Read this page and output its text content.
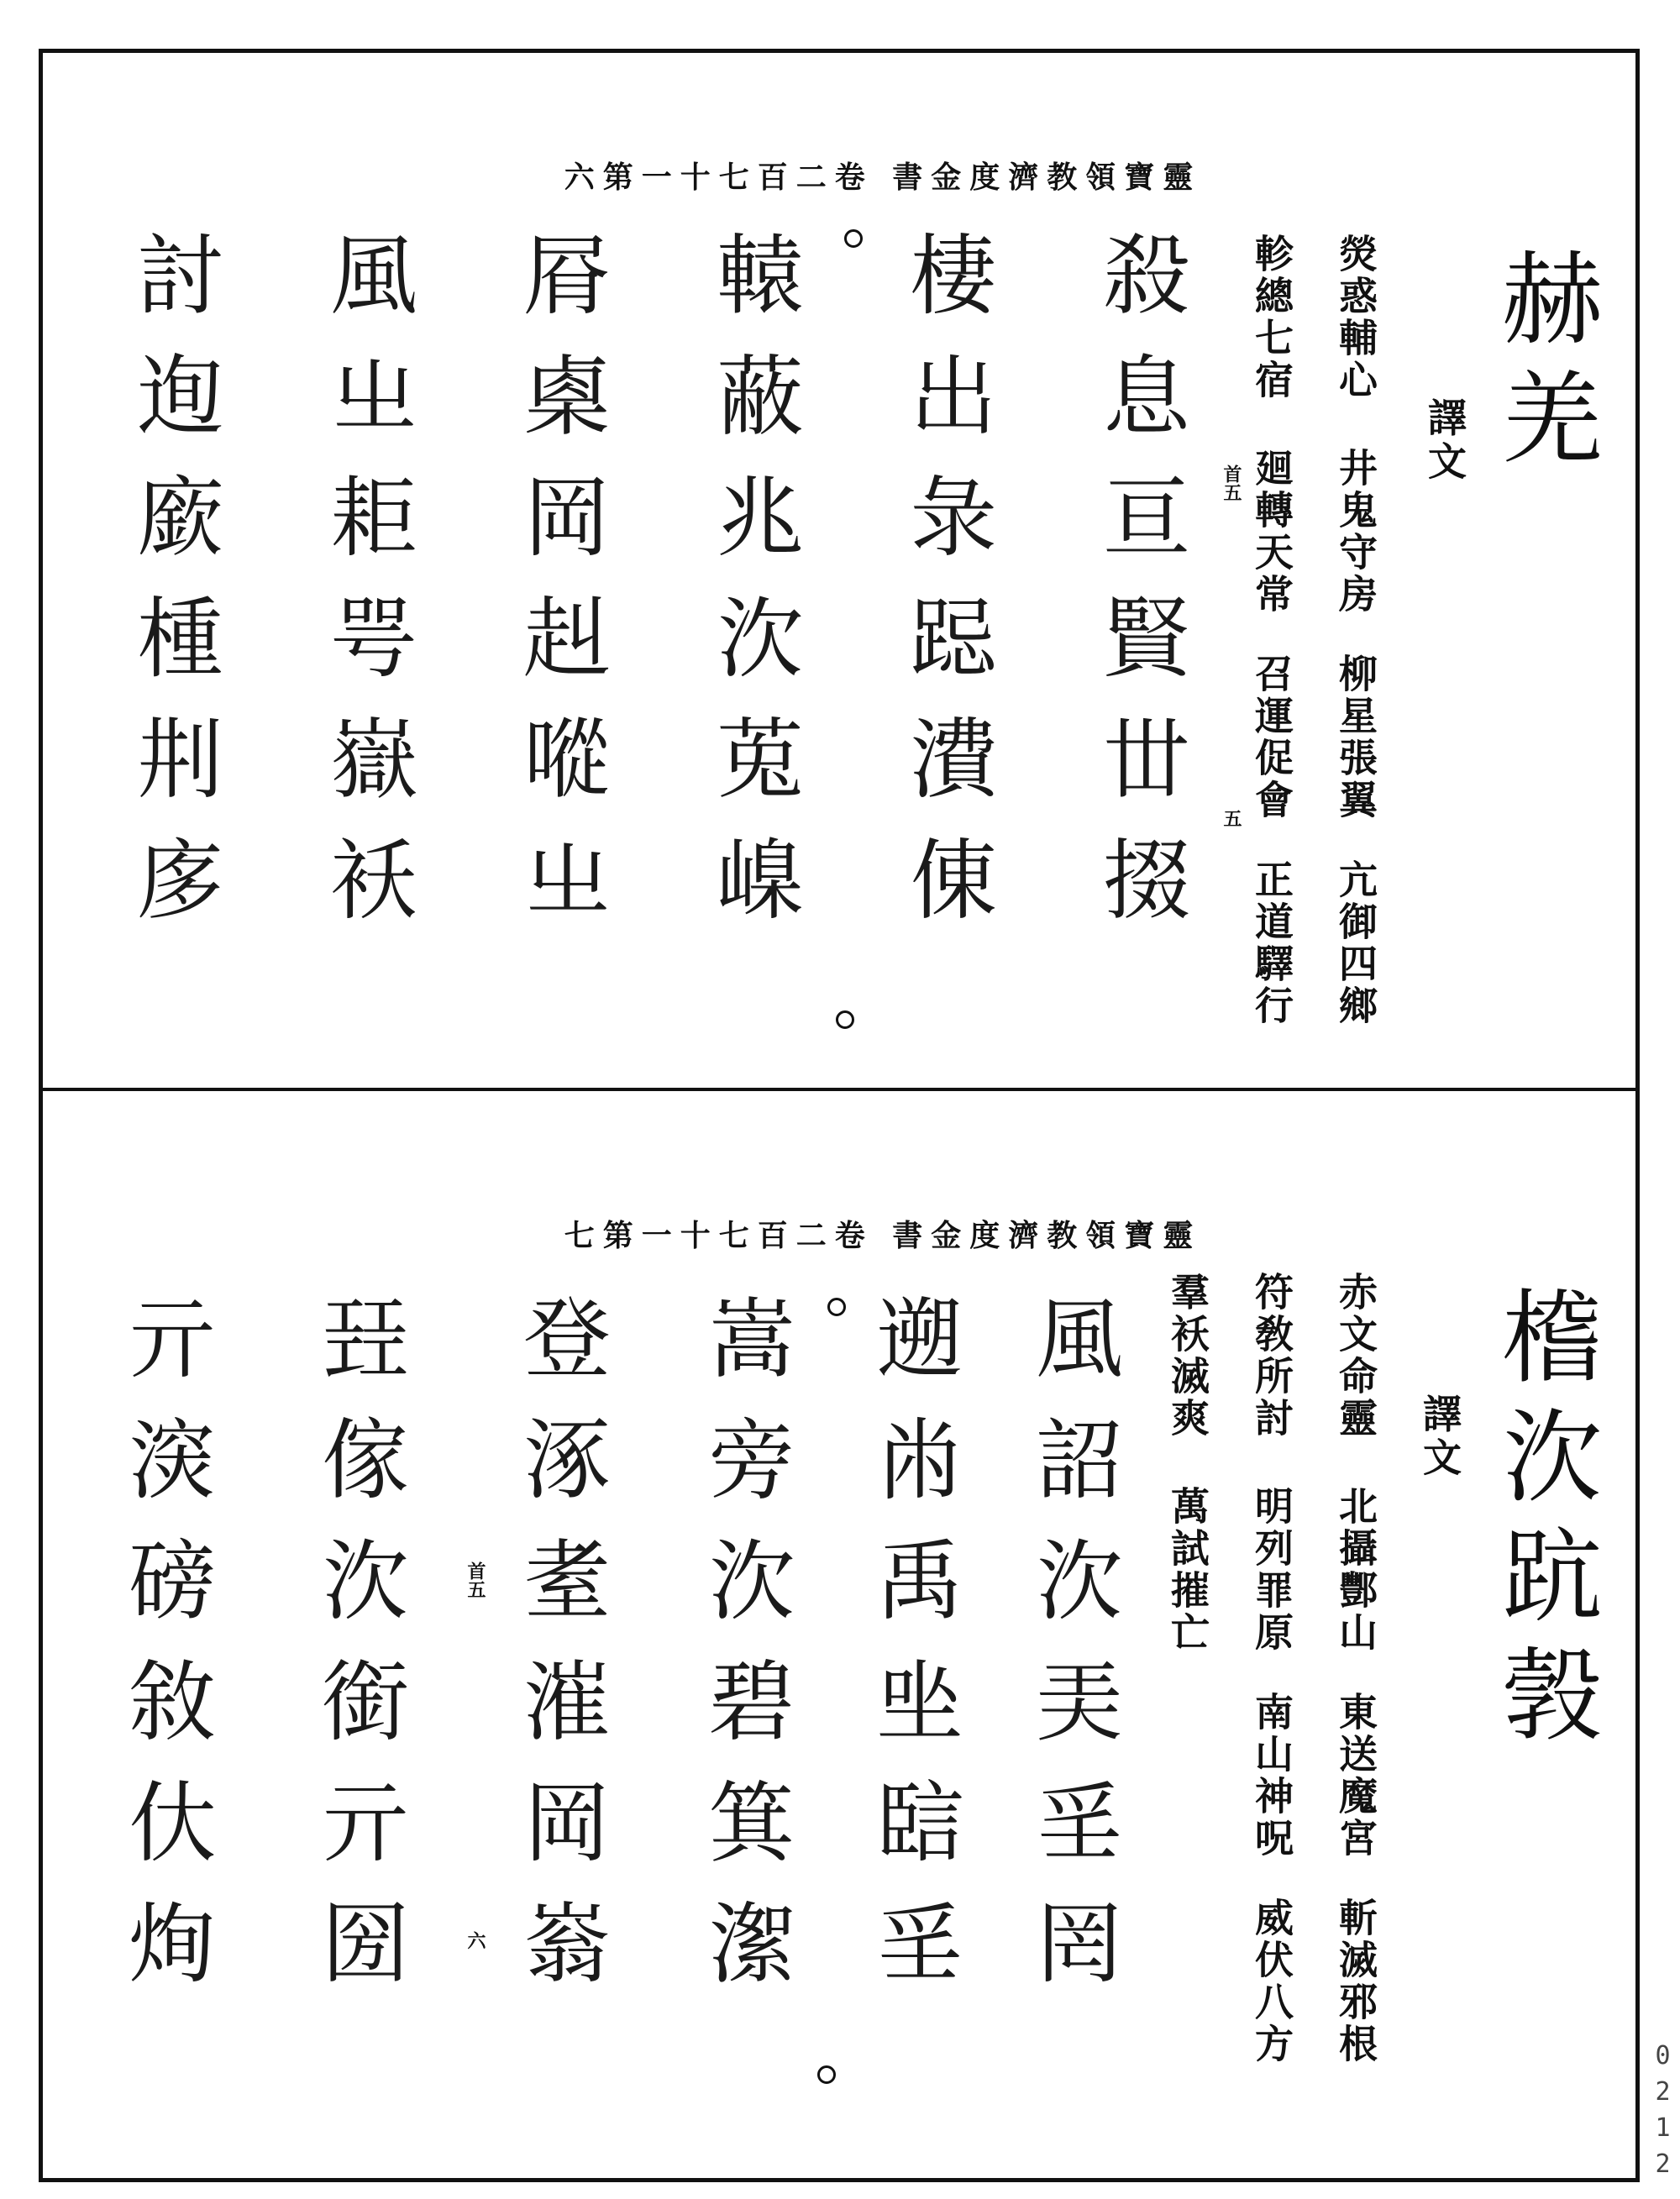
靈寶領教濟度金書 卷二百七十一第六
赫羌
譯文
熒惑輔心
井鬼守房
柳星張翼
亢御四鄉
軫總七宿
廻轉天常
召運促會
正道驛行
首五
五
殺息亘賢丗掇
棲出彔跽㵒倲
轅蔽兆㳄莵嵲
㞕㮚岡赳㗰㞢
風㞢耟咢嶽袄
討迿廞㮔㓝㢁
靈寶領教濟度金書 卷二百七十一第七
㮷㳄䟘㝅
譯文
赤文命靈
北攝酆山
東送魔宮
斬滅邪根
符敎所討
明列罪原
南山神呪
威伏八方
羣袄滅爽
萬試摧亡
首五
六	風詔㳄㺯㸒罔
遡㡀禹㘴䛗㸒
嵩旁㳄碧箕㵖
登涿耊漼岡嵡
㠭傢㳄銜亓圀
亓㴱磅敘㐲㶷
0212
